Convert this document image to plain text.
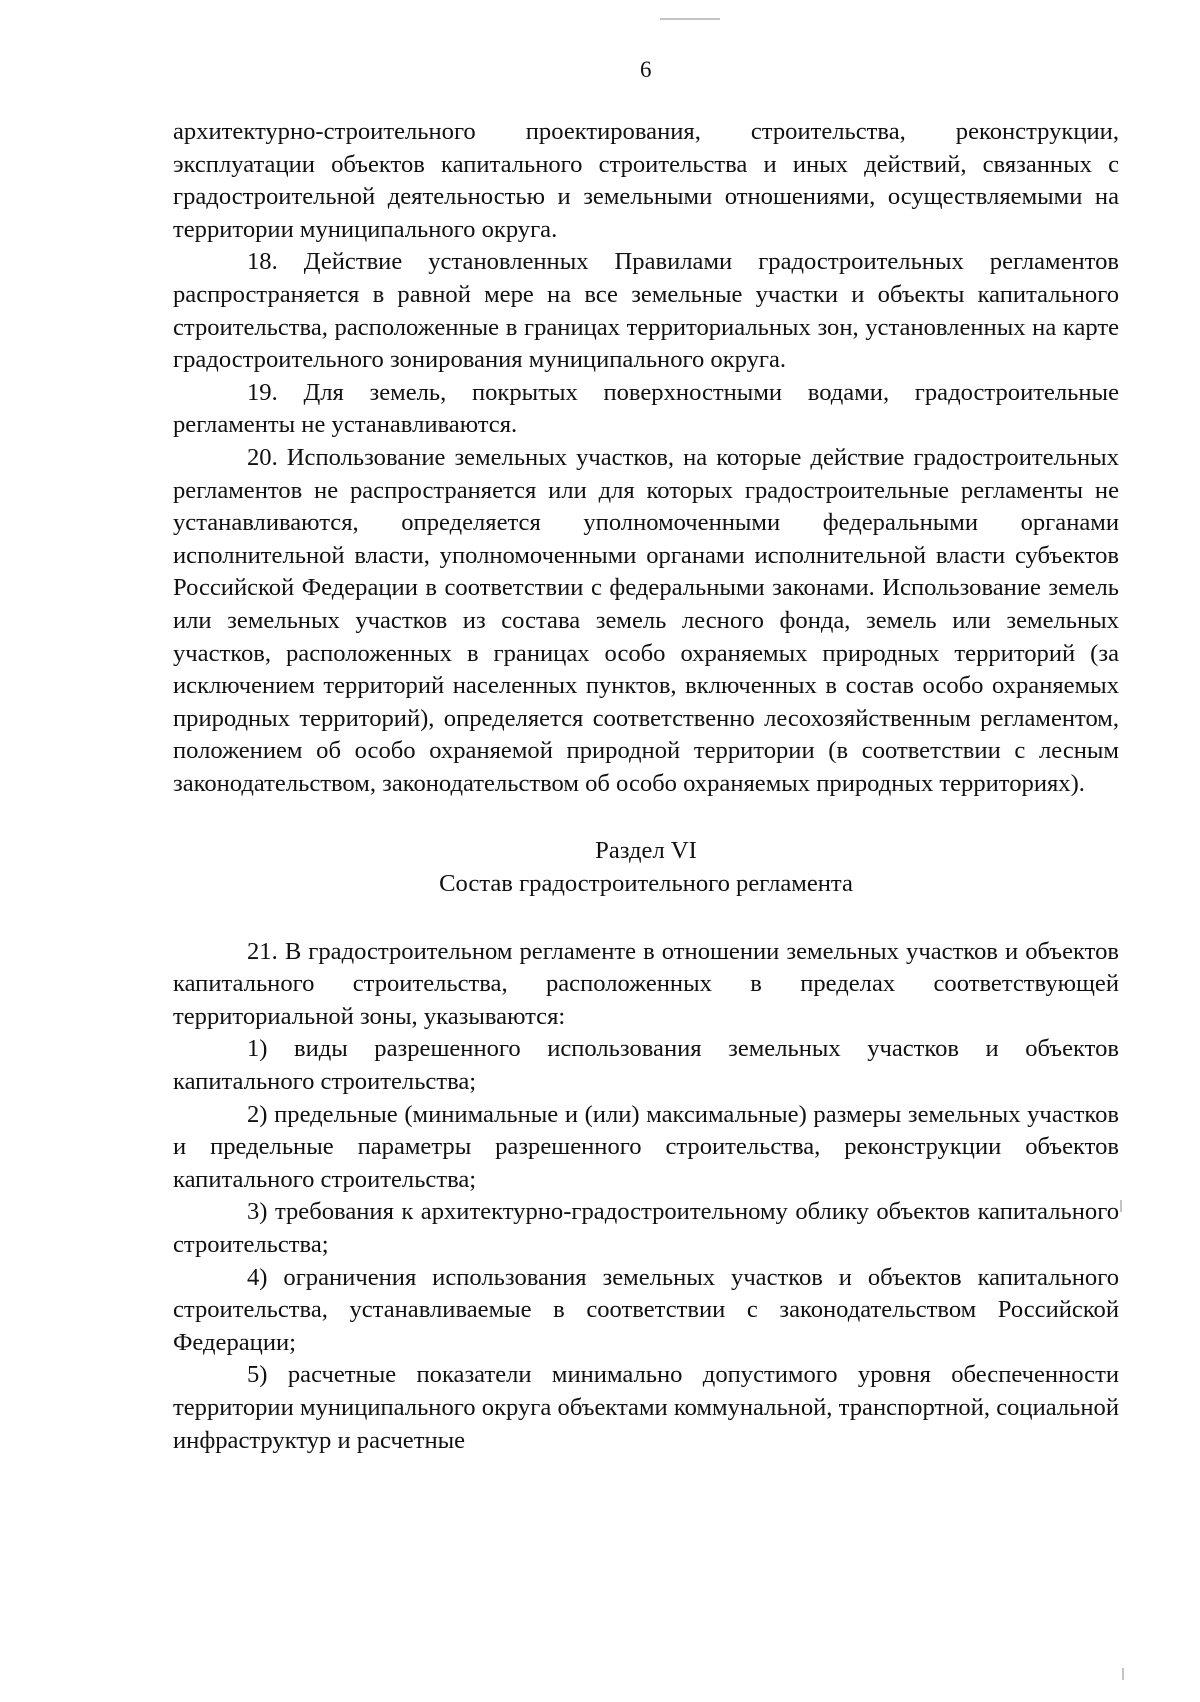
6

архитектурно-строительного проектирования, строительства, реконструкции, эксплуатации объектов капитального строительства и иных действий, связанных с градостроительной деятельностью и земельными отношениями, осуществляемыми на территории муниципального округа.

18. Действие установленных Правилами градостроительных регламентов распространяется в равной мере на все земельные участки и объекты капитального строительства, расположенные в границах территориальных зон, установленных на карте градостроительного зонирования муниципального округа.

19. Для земель, покрытых поверхностными водами, градостроительные регламенты не устанавливаются.

20. Использование земельных участков, на которые действие градостроительных регламентов не распространяется или для которых градостроительные регламенты не устанавливаются, определяется уполномоченными федеральными органами исполнительной власти, уполномоченными органами исполнительной власти субъектов Российской Федерации в соответствии с федеральными законами. Использование земель или земельных участков из состава земель лесного фонда, земель или земельных участков, расположенных в границах особо охраняемых природных территорий (за исключением территорий населенных пунктов, включенных в состав особо охраняемых природных территорий), определяется соответственно лесохозяйственным регламентом, положением об особо охраняемой природной территории (в соответствии с лесным законодательством, законодательством об особо охраняемых природных территориях).

Раздел VI

Состав градостроительного регламента

21. В градостроительном регламенте в отношении земельных участков и объектов капитального строительства, расположенных в пределах соответствующей территориальной зоны, указываются:

1) виды разрешенного использования земельных участков и объектов капитального строительства;

2) предельные (минимальные и (или) максимальные) размеры земельных участков и предельные параметры разрешенного строительства, реконструкции объектов капитального строительства;

3) требования к архитектурно-градостроительному облику объектов капитального строительства;

4) ограничения использования земельных участков и объектов капитального строительства, устанавливаемые в соответствии с законодательством Российской Федерации;

5) расчетные показатели минимально допустимого уровня обеспеченности территории муниципального округа объектами коммунальной, транспортной, социальной инфраструктур и расчетные
